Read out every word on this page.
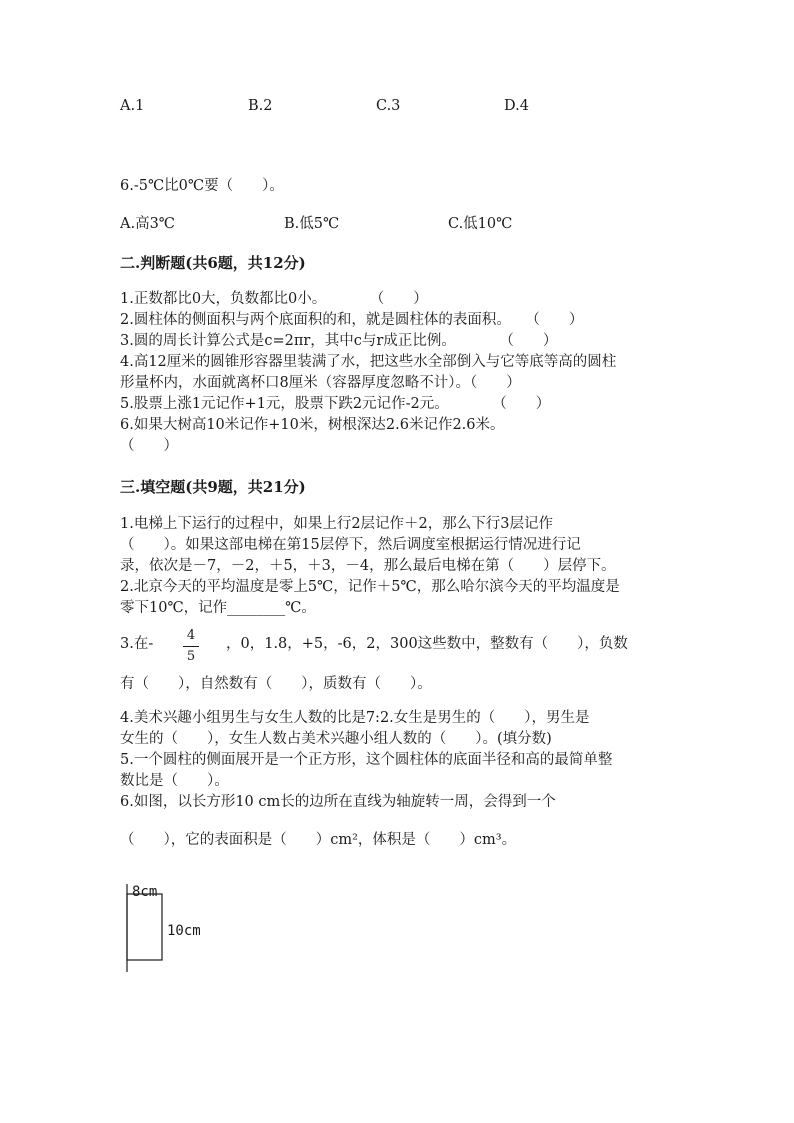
A.1	B.2	C.3	D.4
6.-5℃比0℃要（　　）。
A.高3℃	B.低5℃	C.低10℃
二.判断题(共6题，共12分)
1.正数都比0大，负数都比0小。　　　　（　　）
2.圆柱体的侧面积与两个底面积的和，就是圆柱体的表面积。　　（　　）
3.圆的周长计算公式是c=2πr，其中c与r成正比例。　　　　（　　）
4.高12厘米的圆锥形容器里装满了水，把这些水全部倒入与它等底等高的圆柱
形量杯内，水面就离杯口8厘米（容器厚度忽略不计）。（　　）
5.股票上涨1元记作+1元，股票下跌2元记作-2元。　　　　（　　）
6.如果大树高10米记作+10米，树根深达2.6米记作2.6米。
（　　）
三.填空题(共9题，共21分)
1.电梯上下运行的过程中，如果上行2层记作＋2，那么下行3层记作
（　　）。如果这部电梯在第15层停下，然后调度室根据运行情况进行记
录，依次是－7，－2，＋5，＋3，－4，那么最后电梯在第（　　）层停下。
2.北京今天的平均温度是零上5℃，记作＋5℃，那么哈尔滨今天的平均温度是
零下10℃，记作________℃。
3.在-
4
5
，0，1.8，+5，-6，2，300这些数中，整数有（　　），负数
有（　　），自然数有（　　），质数有（　　）。
4.美术兴趣小组男生与女生人数的比是7:2.女生是男生的（　　），男生是
女生的（　　），女生人数占美术兴趣小组人数的（　　）。(填分数)
5.一个圆柱的侧面展开是一个正方形，这个圆柱体的底面半径和高的最简单整
数比是（　　）。
6.如图，以长方形10 cm长的边所在直线为轴旋转一周，会得到一个
（　　），它的表面积是（　　）cm²，体积是（　　）cm³。
8cm
10cm
